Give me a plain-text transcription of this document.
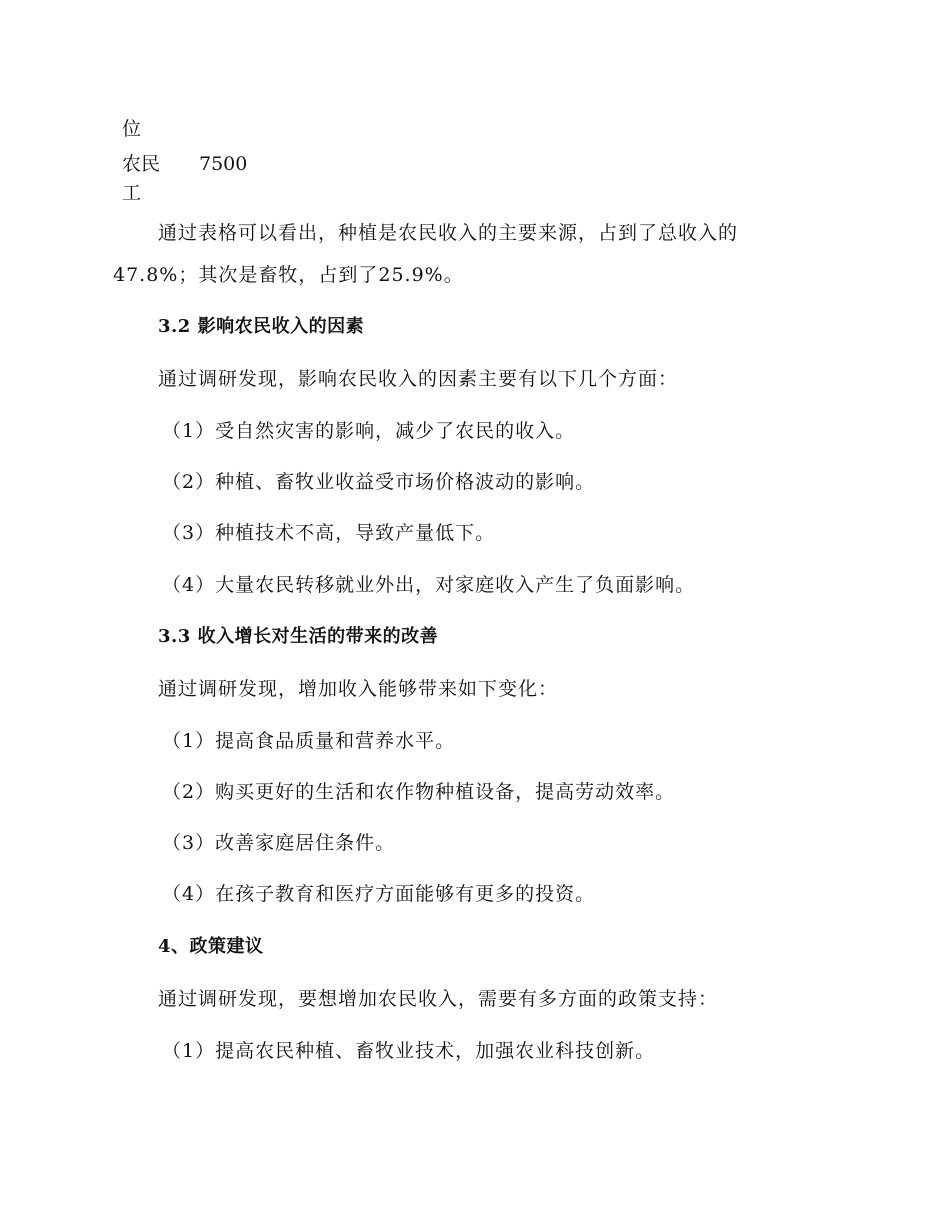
位
农民 7500
工
通过表格可以看出，种植是农民收入的主要来源，占到了总收入的
47.8%；其次是畜牧，占到了25.9%。
3.2 影响农民收入的因素
通过调研发现，影响农民收入的因素主要有以下几个方面：
（1）受自然灾害的影响，减少了农民的收入。
（2）种植、畜牧业收益受市场价格波动的影响。
（3）种植技术不高，导致产量低下。
（4）大量农民转移就业外出，对家庭收入产生了负面影响。
3.3 收入增长对生活的带来的改善
通过调研发现，增加收入能够带来如下变化：
（1）提高食品质量和营养水平。
（2）购买更好的生活和农作物种植设备，提高劳动效率。
（3）改善家庭居住条件。
（4）在孩子教育和医疗方面能够有更多的投资。
4、政策建议
通过调研发现，要想增加农民收入，需要有多方面的政策支持：
（1）提高农民种植、畜牧业技术，加强农业科技创新。
